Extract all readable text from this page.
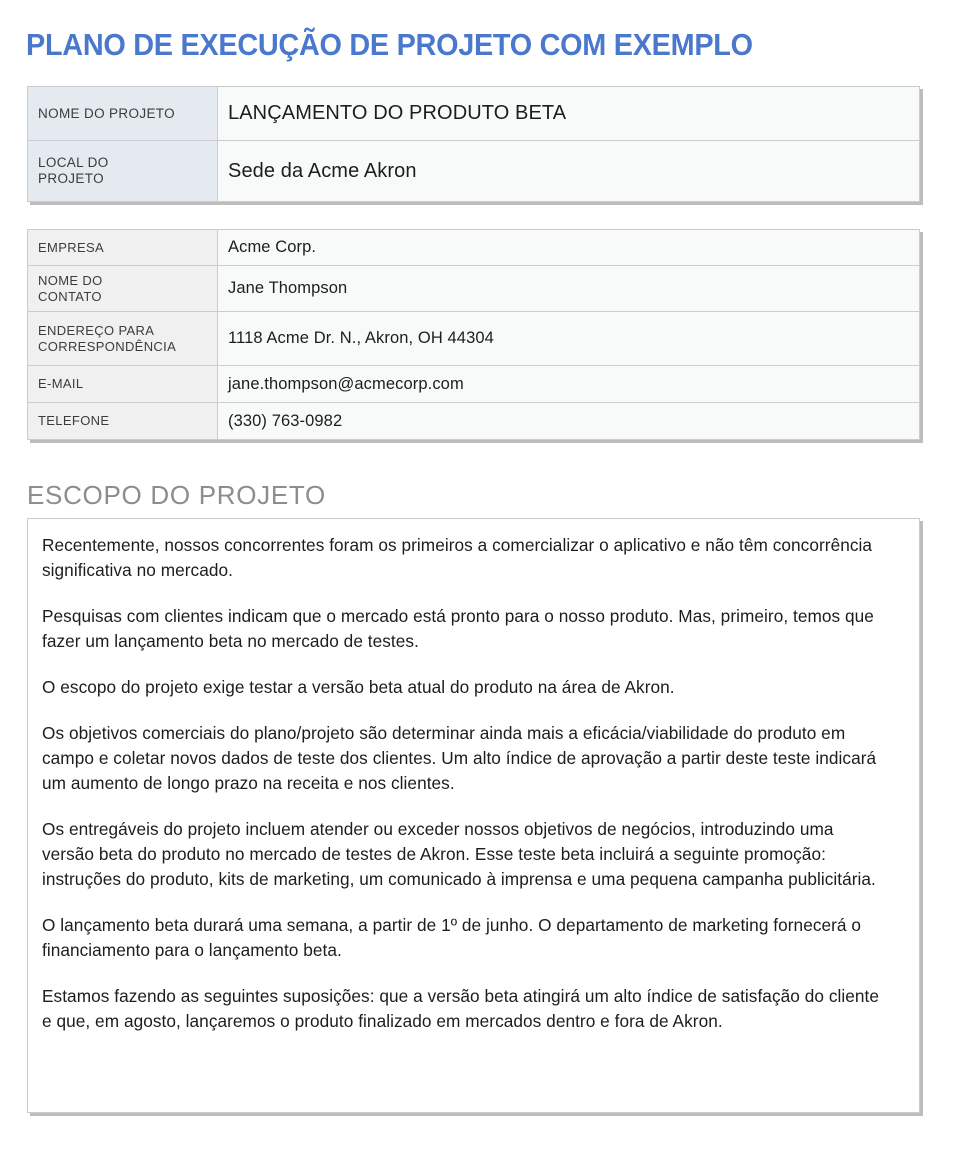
PLANO DE EXECUÇÃO DE PROJETO COM EXEMPLO
NOME DO PROJETO	LANÇAMENTO DO PRODUTO BETA

LOCAL DO
PROJETO	Sede da Acme Akron
EMPRESA	Acme Corp.

NOME DO
CONTATO	Jane Thompson

ENDEREÇO PARA
CORRESPONDÊNCIA	1118 Acme Dr. N., Akron, OH 44304

E-MAIL	jane.thompson@acmecorp.com

TELEFONE	(330) 763-0982
ESCOPO DO PROJETO

Recentemente, nossos concorrentes foram os primeiros a comercializar o aplicativo e não têm concorrência significativa no mercado.

Pesquisas com clientes indicam que o mercado está pronto para o nosso produto. Mas, primeiro, temos que fazer um lançamento beta no mercado de testes.

O escopo do projeto exige testar a versão beta atual do produto na área de Akron.

Os objetivos comerciais do plano/projeto são determinar ainda mais a eficácia/viabilidade do produto em campo e coletar novos dados de teste dos clientes. Um alto índice de aprovação a partir deste teste indicará um aumento de longo prazo na receita e nos clientes.

Os entregáveis do projeto incluem atender ou exceder nossos objetivos de negócios, introduzindo uma versão beta do produto no mercado de testes de Akron. Esse teste beta incluirá a seguinte promoção: instruções do produto, kits de marketing, um comunicado à imprensa e uma pequena campanha publicitária.

O lançamento beta durará uma semana, a partir de 1º de junho. O departamento de marketing fornecerá o financiamento para o lançamento beta.

Estamos fazendo as seguintes suposições: que a versão beta atingirá um alto índice de satisfação do cliente e que, em agosto, lançaremos o produto finalizado em mercados dentro e fora de Akron.
